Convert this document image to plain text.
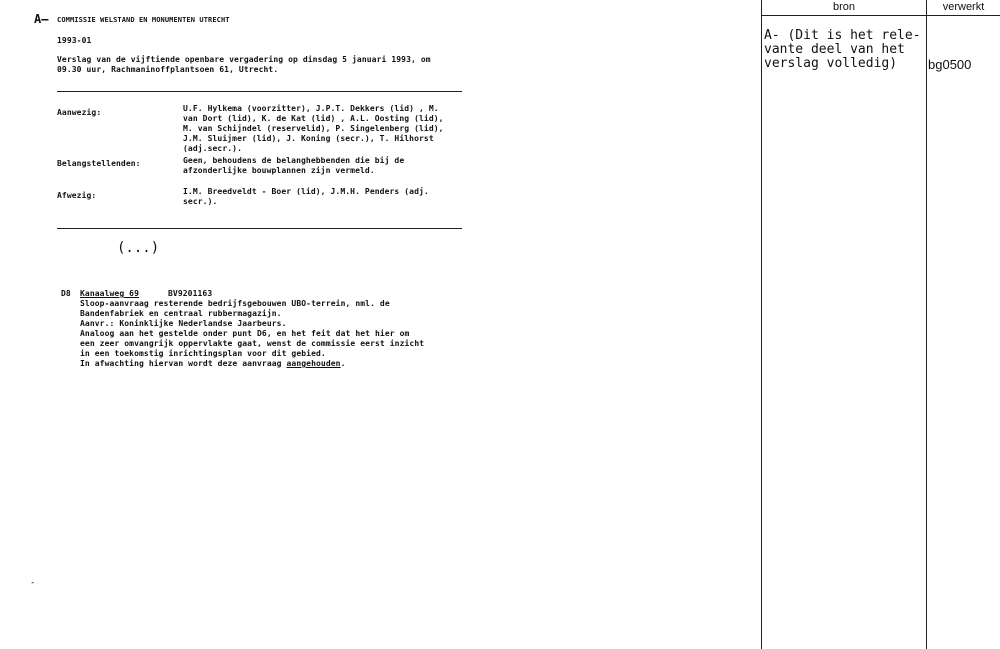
A—
-
COMMISSIE WELSTAND EN MONUMENTEN UTRECHT
1993-01
Verslag van de vijftiende openbare vergadering op dinsdag 5 januari 1993, om
09.30 uur, Rachmaninoffplantsoen 61, Utrecht.
Aanwezig:	U.F. Hylkema (voorzitter), J.P.T. Dekkers (lid) , M.
van Dort (lid), K. de Kat (lid) , A.L. Oosting (lid),
M. van Schijndel (reservelid), P. Singelenberg (lid),
J.M. Sluijmer (lid), J. Koning (secr.), T. Hilhorst
(adj.secr.).
Belangstellenden:	Geen, behoudens de belanghebbenden die bij de
afzonderlijke bouwplannen zijn vermeld.
Afwezig:	I.M. Breedveldt - Boer (lid), J.M.H. Penders (adj.
secr.).
(...)
D8 Kanaalweg 69	BV9201163
Sloop-aanvraag resterende bedrijfsgebouwen UBO-terrein, nml. de
Bandenfabriek en centraal rubbermagazijn.
Aanvr.: Koninklijke Nederlandse Jaarbeurs.
Analoog aan het gestelde onder punt D6, en het feit dat het hier om
een zeer omvangrijk oppervlakte gaat, wenst de commissie eerst inzicht
in een toekomstig inrichtingsplan voor dit gebied.
In afwachting hiervan wordt deze aanvraag aangehouden.
bron	verwerkt
A- (Dit is het rele-
vante deel van het
verslag volledig)	bg0500
